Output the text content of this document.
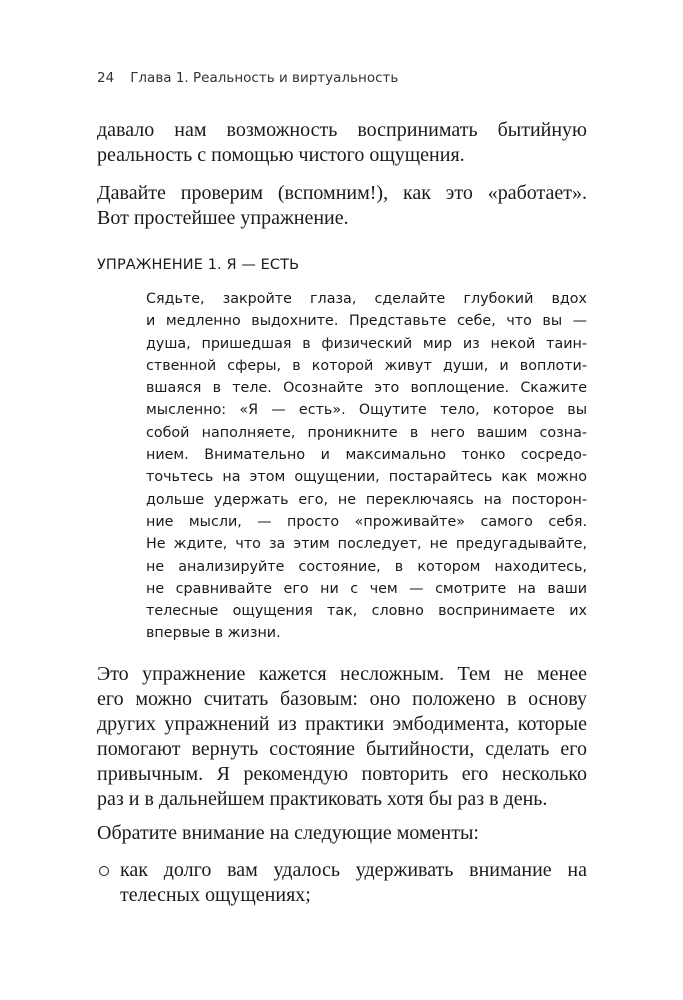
24 Глава 1. Реальность и виртуальность
давало нам возможность воспринимать бытийную
реальность с помощью чистого ощущения.
Давайте проверим (вспомним!), как это «работает».
Вот простейшее упражнение.
УПРАЖНЕНИЕ 1. Я — ЕСТЬ
Сядьте, закройте глаза, сделайте глубокий вдох
и медленно выдохните. Представьте себе, что вы —
душа, пришедшая в физический мир из некой таин-
ственной сферы, в которой живут души, и воплоти-
вшаяся в теле. Осознайте это воплощение. Скажите
мысленно: «Я — есть». Ощутите тело, которое вы
собой наполняете, проникните в него вашим созна-
нием. Внимательно и максимально тонко сосредо-
точьтесь на этом ощущении, постарайтесь как можно
дольше удержать его, не переключаясь на посторон-
ние мысли, — просто «проживайте» самого себя.
Не ждите, что за этим последует, не предугадывайте,
не анализируйте состояние, в котором находитесь,
не сравнивайте его ни с чем — смотрите на ваши
телесные ощущения так, словно воспринимаете их
впервые в жизни.
Это упражнение кажется несложным. Тем не менее
его можно считать базовым: оно положено в основу
других упражнений из практики эмбодимента, которые
помогают вернуть состояние бытийности, сделать его
привычным. Я рекомендую повторить его несколько
раз и в дальнейшем практиковать хотя бы раз в день.
Обратите внимание на следующие моменты:
как долго вам удалось удерживать внимание на
телесных ощущениях;
